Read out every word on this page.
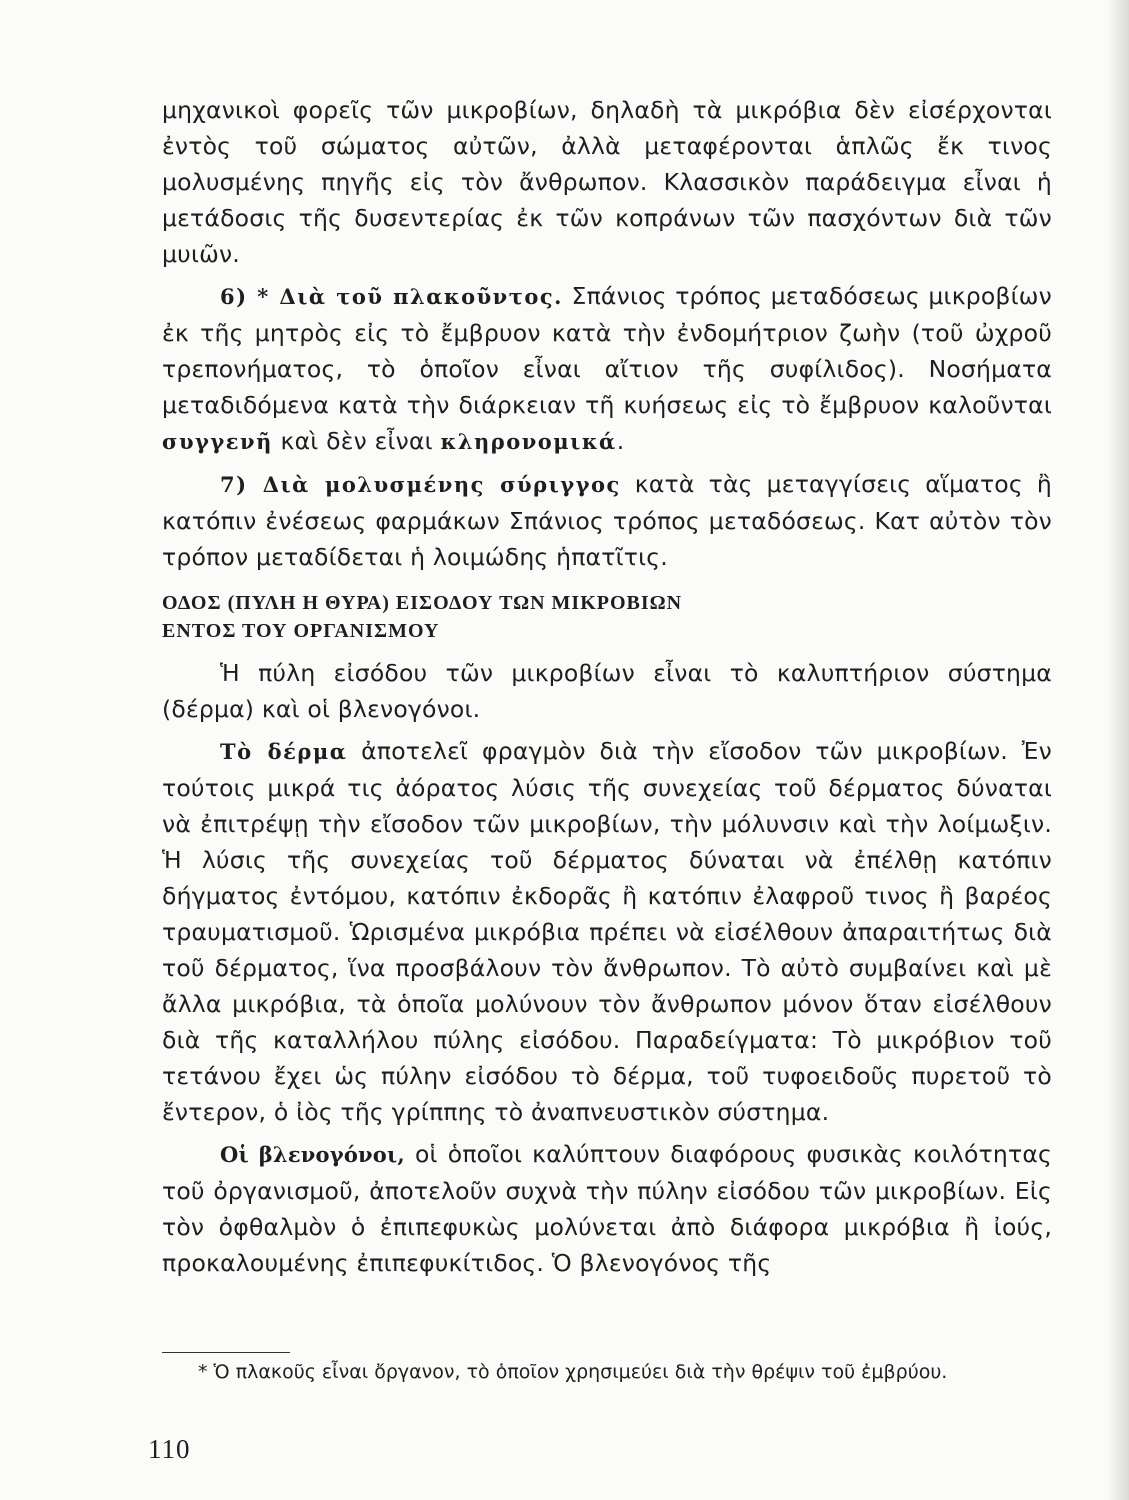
μηχανικοὶ φορεῖς τῶν μικροβίων, δηλαδὴ τὰ μικρόβια δὲν εἰσέρχονται ἐντὸς τοῦ σώματος αὐτῶν, ἀλλὰ μεταφέρονται ἁπλῶς ἔκ τινος μολυσμένης πηγῆς εἰς τὸν ἄνθρωπον. Κλασσικὸν παράδειγμα εἶναι ἡ μετάδοσις τῆς δυσεντερίας ἐκ τῶν κοπράνων τῶν πασχόντων διὰ τῶν μυιῶν.

6) * Διὰ τοῦ πλακοῦντος. Σπάνιος τρόπος μεταδόσεως μικροβίων ἐκ τῆς μητρὸς εἰς τὸ ἔμβρυον κατὰ τὴν ἐνδομήτριον ζωὴν (τοῦ ὠχροῦ τρεπονήματος, τὸ ὁποῖον εἶναι αἴτιον τῆς συφίλιδος). Νοσήματα μεταδιδόμενα κατὰ τὴν διάρκειαν τῆ κυήσεως εἰς τὸ ἔμβρυον καλοῦνται συγγενῆ καὶ δὲν εἶναι κληρονομικά.

7) Διὰ μολυσμένης σύριγγος κατὰ τὰς μεταγγίσεις αἵματος ἢ κατόπιν ἐνέσεως φαρμάκων Σπάνιος τρόπος μεταδόσεως. Κατ αὐτὸν τὸν τρόπον μεταδίδεται ἡ λοιμώδης ἡπατῖτις.

ΟΔΟΣ (ΠΥΛΗ Η ΘΥΡΑ) ΕΙΣΟΔΟΥ ΤΩΝ ΜΙΚΡΟΒΙΩΝ
ΕΝΤΟΣ ΤΟΥ ΟΡΓΑΝΙΣΜΟΥ

Ἡ πύλη εἰσόδου τῶν μικροβίων εἶναι τὸ καλυπτήριον σύστημα (δέρμα) καὶ οἱ βλενογόνοι.

Τὸ δέρμα ἀποτελεῖ φραγμὸν διὰ τὴν εἴσοδον τῶν μικροβίων. Ἐν τούτοις μικρά τις ἀόρατος λύσις τῆς συνεχείας τοῦ δέρματος δύναται νὰ ἐπιτρέψῃ τὴν εἴσοδον τῶν μικροβίων, τὴν μόλυνσιν καὶ τὴν λοίμωξιν. Ἡ λύσις τῆς συνεχείας τοῦ δέρματος δύναται νὰ ἐπέλθῃ κατόπιν δήγματος ἐντόμου, κατόπιν ἐκδορᾶς ἢ κατόπιν ἐλαφροῦ τινος ἢ βαρέος τραυματισμοῦ. Ὡρισμένα μικρόβια πρέπει νὰ εἰσέλθουν ἀπαραιτήτως διὰ τοῦ δέρματος, ἵνα προσβάλουν τὸν ἄνθρωπον. Τὸ αὐτὸ συμβαίνει καὶ μὲ ἄλλα μικρόβια, τὰ ὁποῖα μολύνουν τὸν ἄνθρωπον μόνον ὅταν εἰσέλθουν διὰ τῆς καταλλήλου πύλης εἰσόδου. Παραδείγματα: Τὸ μικρόβιον τοῦ τετάνου ἔχει ὡς πύλην εἰσόδου τὸ δέρμα, τοῦ τυφοειδοῦς πυρετοῦ τὸ ἔντερον, ὁ ἰὸς τῆς γρίππης τὸ ἀναπνευστικὸν σύστημα.

Οἱ βλενογόνοι, οἱ ὁποῖοι καλύπτουν διαφόρους φυσικὰς κοιλότητας τοῦ ὀργανισμοῦ, ἀποτελοῦν συχνὰ τὴν πύλην εἰσόδου τῶν μικροβίων. Εἰς τὸν ὀφθαλμὸν ὁ ἐπιπεφυκὼς μολύνεται ἀπὸ διάφορα μικρόβια ἢ ἰούς, προκαλουμένης ἐπιπεφυκίτιδος. Ὁ βλενογόνος τῆς

* Ὁ πλακοῦς εἶναι ὄργανον, τὸ ὁποῖον χρησιμεύει διὰ τὴν θρέψιν τοῦ ἐμβρύου.
110
